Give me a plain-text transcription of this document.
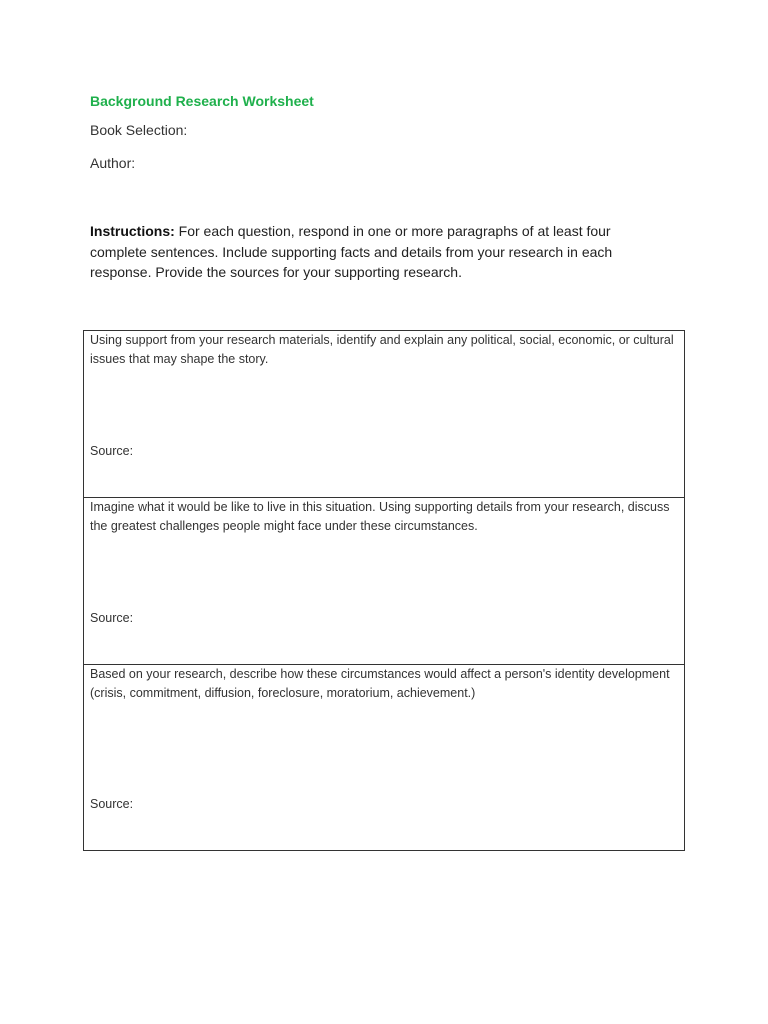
Background Research Worksheet
Book Selection:
Author:
Instructions: For each question, respond in one or more paragraphs of at least four complete sentences. Include supporting facts and details from your research in each response. Provide the sources for your supporting research.
Using support from your research materials, identify and explain any political, social, economic, or cultural issues that may shape the story.
Source:

Imagine what it would be like to live in this situation. Using supporting details from your research, discuss the greatest challenges people might face under these circumstances.
Source:

Based on your research, describe how these circumstances would affect a person's identity development (crisis, commitment, diffusion, foreclosure, moratorium, achievement.)
Source:
